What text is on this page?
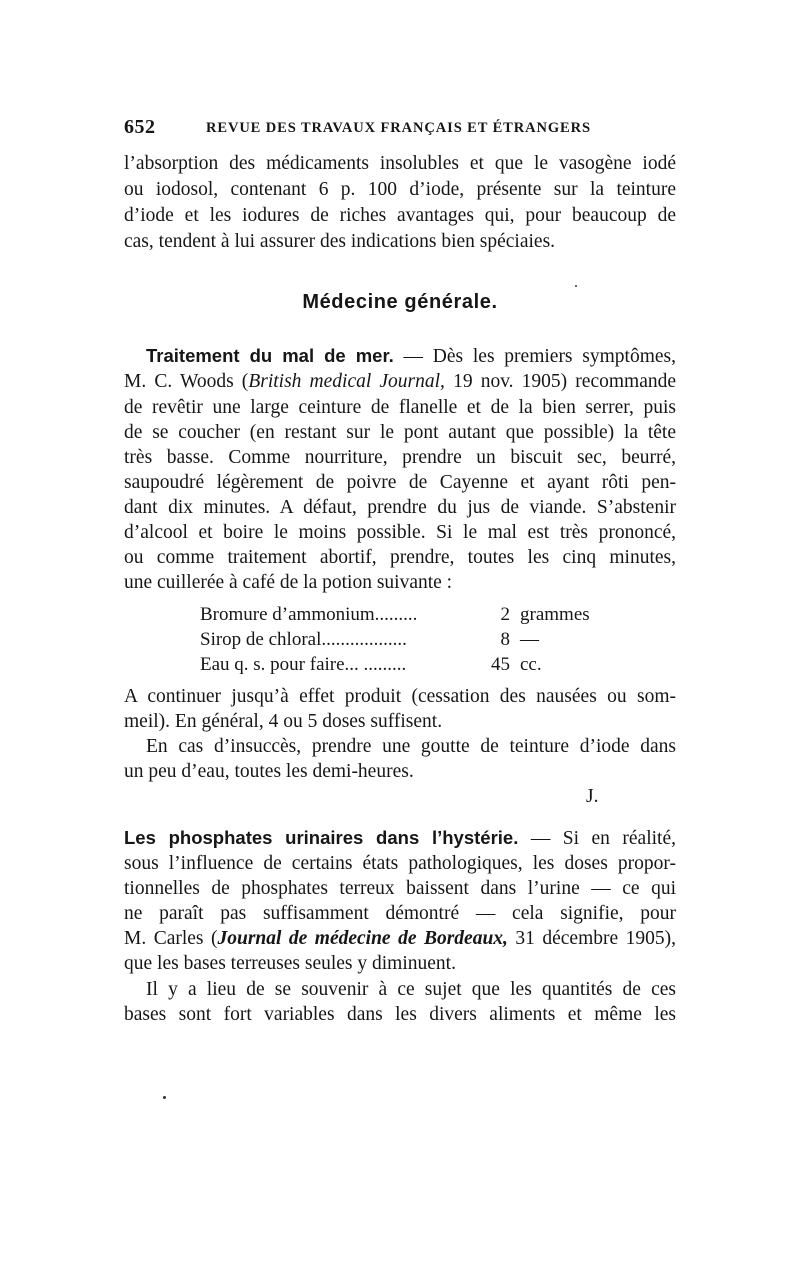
652	REVUE DES TRAVAUX FRANÇAIS ET ÉTRANGERS
l’absorption des médicaments insolubles et que le vasogène iodé
ou iodosol, contenant 6 p. 100 d’iode, présente sur la teinture
d’iode et les iodures de riches avantages qui, pour beaucoup de
cas, tendent à lui assurer des indications bien spéciaies.
Médecine générale.
Traitement du mal de mer. — Dès les premiers symptômes,
M. C. Woods (British medical Journal, 19 nov. 1905) recommande
de revêtir une large ceinture de flanelle et de la bien serrer, puis
de se coucher (en restant sur le pont autant que possible) la tête
très basse. Comme nourriture, prendre un biscuit sec, beurré,
saupoudré légèrement de poivre de Cayenne et ayant rôti pen-
dant dix minutes. A défaut, prendre du jus de viande. S’abstenir
d’alcool et boire le moins possible. Si le mal est très prononcé,
ou comme traitement abortif, prendre, toutes les cinq minutes,
une cuillerée à café de la potion suivante :
Bromure d’ammonium.........	2 grammes
Sirop de chloral..................	8 —
Eau q. s. pour faire... .........	45 cc.
A continuer jusqu’à effet produit (cessation des nausées ou som-
meil). En général, 4 ou 5 doses suffisent.
En cas d’insuccès, prendre une goutte de teinture d’iode dans
un peu d’eau, toutes les demi-heures.
J.
Les phosphates urinaires dans l’hystérie. — Si en réalité,
sous l’influence de certains états pathologiques, les doses propor-
tionnelles de phosphates terreux baissent dans l’urine — ce qui
ne paraît pas suffisamment démontré — cela signifie, pour
M. Carles (Journal de médecine de Bordeaux, 31 décembre 1905),
que les bases terreuses seules y diminuent.
Il y a lieu de se souvenir à ce sujet que les quantités de ces
bases sont fort variables dans les divers aliments et même les
